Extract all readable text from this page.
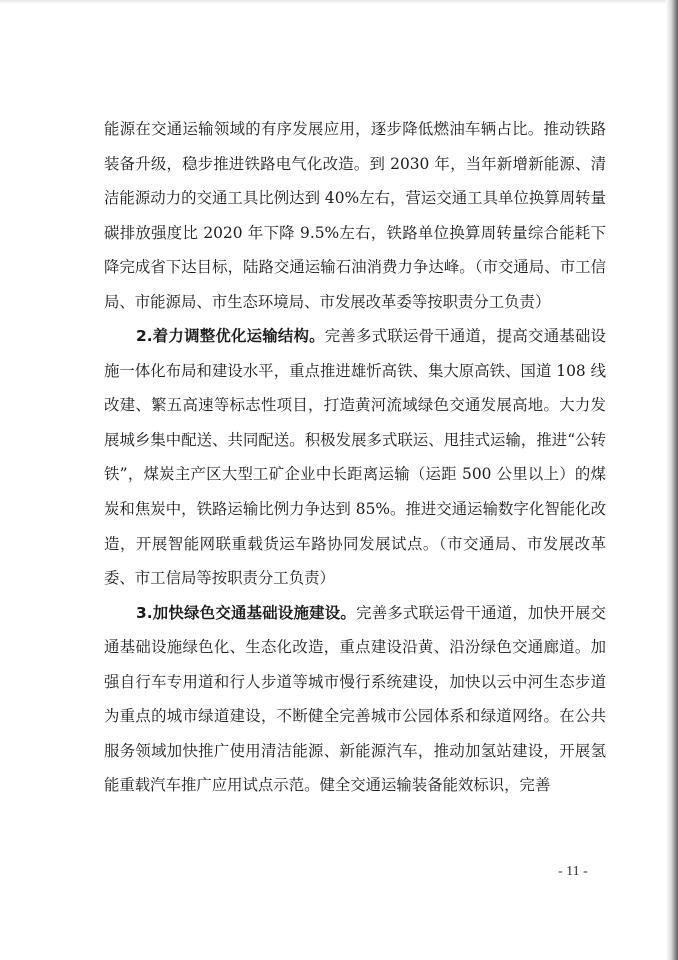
能源在交通运输领域的有序发展应用，逐步降低燃油车辆占比。推动铁路装备升级，稳步推进铁路电气化改造。到 2030 年，当年新增新能源、清洁能源动力的交通工具比例达到 40%左右，营运交通工具单位换算周转量碳排放强度比 2020 年下降 9.5%左右，铁路单位换算周转量综合能耗下降完成省下达目标，陆路交通运输石油消费力争达峰。（市交通局、市工信局、市能源局、市生态环境局、市发展改革委等按职责分工负责）

2.着力调整优化运输结构。完善多式联运骨干通道，提高交通基础设施一体化布局和建设水平，重点推进雄忻高铁、集大原高铁、国道 108 线改建、繁五高速等标志性项目，打造黄河流域绿色交通发展高地。大力发展城乡集中配送、共同配送。积极发展多式联运、甩挂式运输，推进“公转铁”，煤炭主产区大型工矿企业中长距离运输（运距 500 公里以上）的煤炭和焦炭中，铁路运输比例力争达到 85%。推进交通运输数字化智能化改造，开展智能网联重载货运车路协同发展试点。（市交通局、市发展改革委、市工信局等按职责分工负责）

3.加快绿色交通基础设施建设。完善多式联运骨干通道，加快开展交通基础设施绿色化、生态化改造，重点建设沿黄、沿汾绿色交通廊道。加强自行车专用道和行人步道等城市慢行系统建设，加快以云中河生态步道为重点的城市绿道建设，不断健全完善城市公园体系和绿道网络。在公共服务领域加快推广使用清洁能源、新能源汽车，推动加氢站建设，开展氢能重载汽车推广应用试点示范。健全交通运输装备能效标识，完善

- 11 -
